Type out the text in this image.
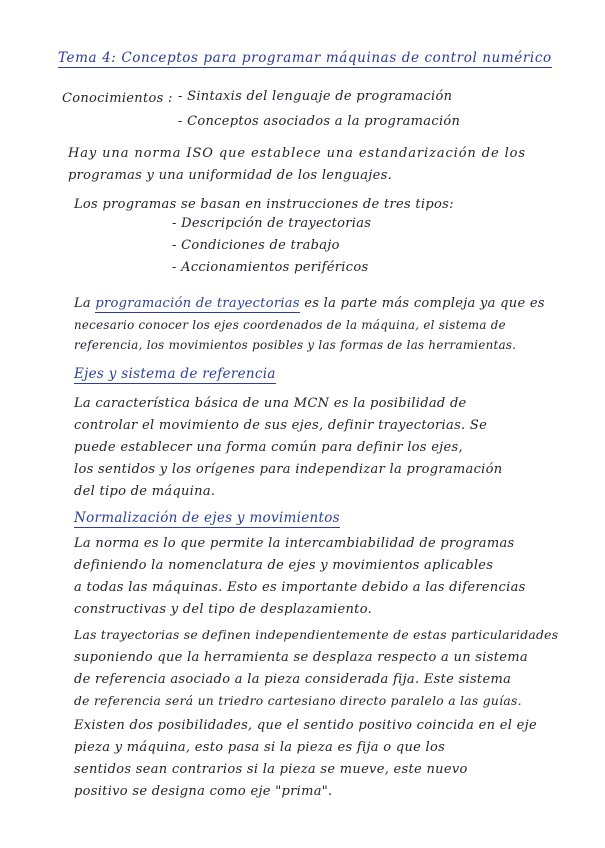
Tema 4: Conceptos para programar máquinas de control numérico
Conocimientos : - Sintaxis del lenguaje de programación
- Conceptos asociados a la programación
Hay una norma ISO que establece una estandarización de los
programas y una uniformidad de los lenguajes.
Los programas se basan en instrucciones de tres tipos:
- Descripción de trayectorias
- Condiciones de trabajo
- Accionamientos periféricos
La programación de trayectorias es la parte más compleja ya que es
necesario conocer los ejes coordenados de la máquina, el sistema de
referencia, los movimientos posibles y las formas de las herramientas.
Ejes y sistema de referencia
La característica básica de una MCN es la posibilidad de
controlar el movimiento de sus ejes, definir trayectorias. Se
puede establecer una forma común para definir los ejes,
los sentidos y los orígenes para independizar la programación
del tipo de máquina.
Normalización de ejes y movimientos
La norma es lo que permite la intercambiabilidad de programas
definiendo la nomenclatura de ejes y movimientos aplicables
a todas las máquinas. Esto es importante debido a las diferencias
constructivas y del tipo de desplazamiento.
Las trayectorias se definen independientemente de estas particularidades
suponiendo que la herramienta se desplaza respecto a un sistema
de referencia asociado a la pieza considerada fija. Este sistema
de referencia será un triedro cartesiano directo paralelo a las guías.
Existen dos posibilidades, que el sentido positivo coincida en el eje
pieza y máquina, esto pasa si la pieza es fija o que los
sentidos sean contrarios si la pieza se mueve, este nuevo
positivo se designa como eje "prima".
